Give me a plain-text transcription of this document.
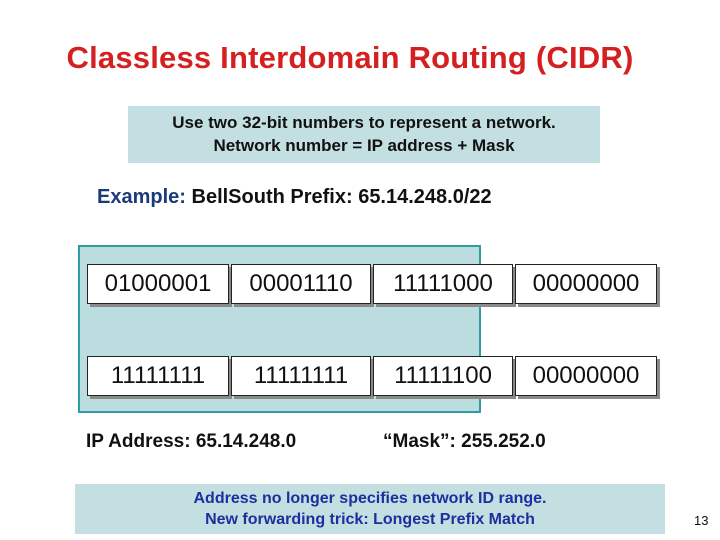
Classless Interdomain Routing (CIDR)
Use two 32-bit numbers to represent a network.
Network number = IP address + Mask
Example: BellSouth Prefix: 65.14.248.0/22
01000001	00001110	11111000	00000000
11111111	11111111	11111100	00000000
IP Address: 65.14.248.0	“Mask”: 255.252.0
Address no longer specifies network ID range.
New forwarding trick: Longest Prefix Match	13
